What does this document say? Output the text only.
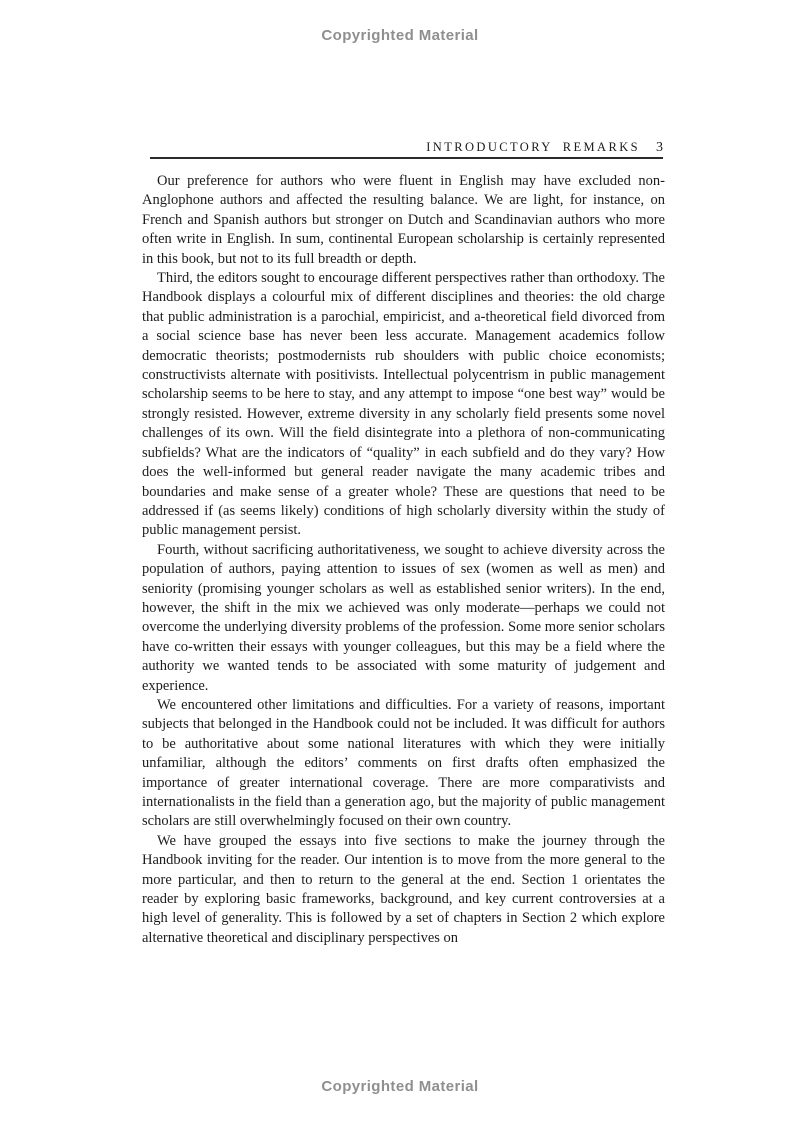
Copyrighted Material
INTRODUCTORY REMARKS 3

Our preference for authors who were fluent in English may have excluded non-Anglophone authors and affected the resulting balance. We are light, for instance, on French and Spanish authors but stronger on Dutch and Scandinavian authors who more often write in English. In sum, continental European scholarship is certainly represented in this book, but not to its full breadth or depth.

Third, the editors sought to encourage different perspectives rather than orthodoxy. The Handbook displays a colourful mix of different disciplines and theories: the old charge that public administration is a parochial, empiricist, and a-theoretical field divorced from a social science base has never been less accurate. Management academics follow democratic theorists; postmodernists rub shoulders with public choice economists; constructivists alternate with positivists. Intellectual polycentrism in public management scholarship seems to be here to stay, and any attempt to impose “one best way” would be strongly resisted. However, extreme diversity in any scholarly field presents some novel challenges of its own. Will the field disintegrate into a plethora of non-communicating subfields? What are the indicators of “quality” in each subfield and do they vary? How does the well-informed but general reader navigate the many academic tribes and boundaries and make sense of a greater whole? These are questions that need to be addressed if (as seems likely) conditions of high scholarly diversity within the study of public management persist.

Fourth, without sacrificing authoritativeness, we sought to achieve diversity across the population of authors, paying attention to issues of sex (women as well as men) and seniority (promising younger scholars as well as established senior writers). In the end, however, the shift in the mix we achieved was only moderate—perhaps we could not overcome the underlying diversity problems of the profession. Some more senior scholars have co-written their essays with younger colleagues, but this may be a field where the authority we wanted tends to be associated with some maturity of judgement and experience.

We encountered other limitations and difficulties. For a variety of reasons, important subjects that belonged in the Handbook could not be included. It was difficult for authors to be authoritative about some national literatures with which they were initially unfamiliar, although the editors’ comments on first drafts often emphasized the importance of greater international coverage. There are more comparativists and internationalists in the field than a generation ago, but the majority of public management scholars are still overwhelmingly focused on their own country.

We have grouped the essays into five sections to make the journey through the Handbook inviting for the reader. Our intention is to move from the more general to the more particular, and then to return to the general at the end. Section 1 orientates the reader by exploring basic frameworks, background, and key current controversies at a high level of generality. This is followed by a set of chapters in Section 2 which explore alternative theoretical and disciplinary perspectives on

Copyrighted Material
